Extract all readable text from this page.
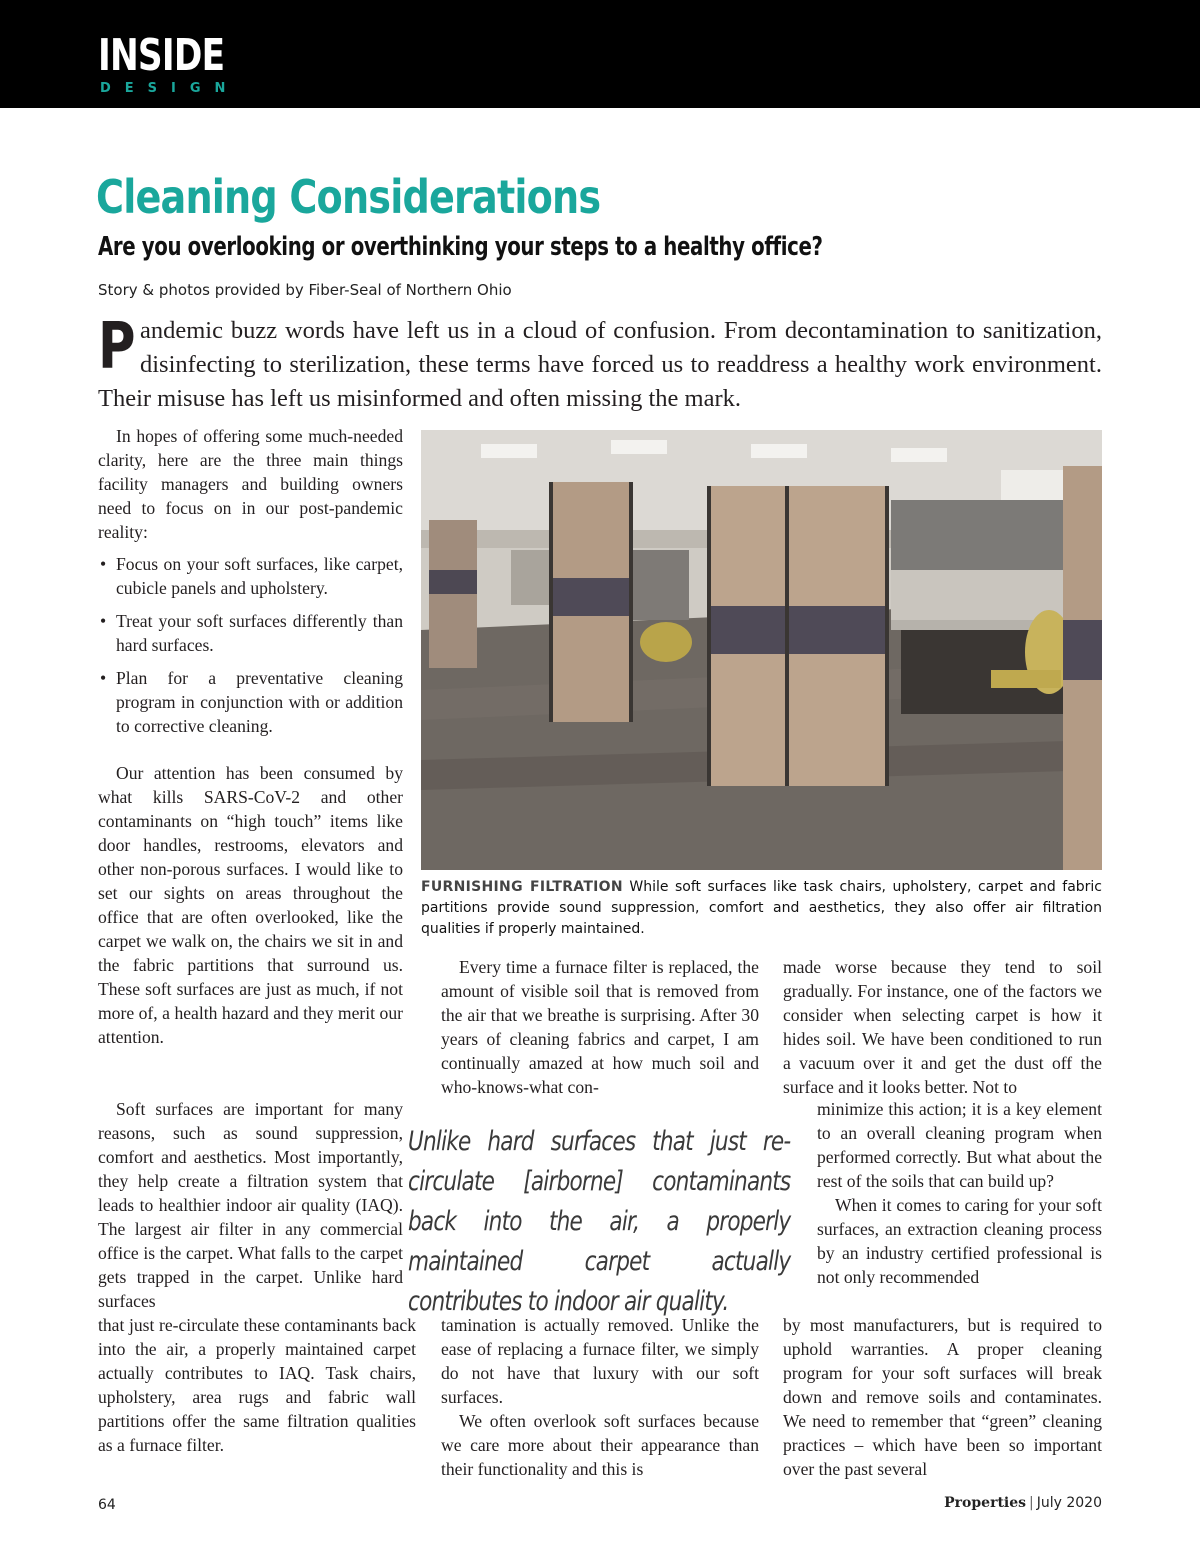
INSIDE
DESIGN
Cleaning Considerations
Are you overlooking or overthinking your steps to a healthy office?
Story & photos provided by Fiber-Seal of Northern Ohio
Pandemic buzz words have left us in a cloud of confusion. From decontamination to sanitization, disinfecting to sterilization, these terms have forced us to readdress a healthy work environment. Their misuse has left us misinformed and often missing the mark.

In hopes of offering some much-needed clarity, here are the three main things facility managers and building owners need to focus on in our post-pandemic reality:

• Focus on your soft surfaces, like carpet, cubicle panels and upholstery.
• Treat your soft surfaces differently than hard surfaces.
• Plan for a preventative cleaning program in conjunction with or addition to corrective cleaning.

Our attention has been consumed by what kills SARS-CoV-2 and other contaminants on “high touch” items like door handles, restrooms, elevators and other non-porous surfaces. I would like to set our sights on areas throughout the office that are often overlooked, like the carpet we walk on, the chairs we sit in and the fabric partitions that surround us. These soft surfaces are just as much, if not more of, a health hazard and they merit our attention.

Soft surfaces are important for many reasons, such as sound suppression, comfort and aesthetics. Most importantly, they help create a filtration system that leads to healthier indoor air quality (IAQ). The largest air filter in any commercial office is the carpet. What falls to the carpet gets trapped in the carpet. Unlike hard surfaces

that just re-circulate these contaminants back into the air, a properly maintained carpet actually contributes to IAQ. Task chairs, upholstery, area rugs and fabric wall partitions offer the same filtration qualities as a furnace filter.

FURNISHING FILTRATION While soft surfaces like task chairs, upholstery, carpet and fabric partitions provide sound suppression, comfort and aesthetics, they also offer air filtration qualities if properly maintained.

Every time a furnace filter is replaced, the amount of visible soil that is removed from the air that we breathe is surprising. After 30 years of cleaning fabrics and carpet, I am continually amazed at how much soil and who-knows-what con-

Unlike hard surfaces that just re-circulate [airborne] contaminants back into the air, a properly maintained carpet actually contributes to indoor air quality.

tamination is actually removed. Unlike the ease of replacing a furnace filter, we simply do not have that luxury with our soft surfaces.

We often overlook soft surfaces because we care more about their appearance than their functionality and this is

made worse because they tend to soil gradually. For instance, one of the factors we consider when selecting carpet is how it hides soil. We have been conditioned to run a vacuum over it and get the dust off the surface and it looks better. Not to

minimize this action; it is a key element to an overall cleaning program when performed correctly. But what about the rest of the soils that can build up?

When it comes to caring for your soft surfaces, an extraction cleaning process by an industry certified professional is not only recommended

by most manufacturers, but is required to uphold warranties. A proper cleaning program for your soft surfaces will break down and remove soils and contaminates. We need to remember that “green” cleaning practices – which have been so important over the past several

64	Properties | July 2020
